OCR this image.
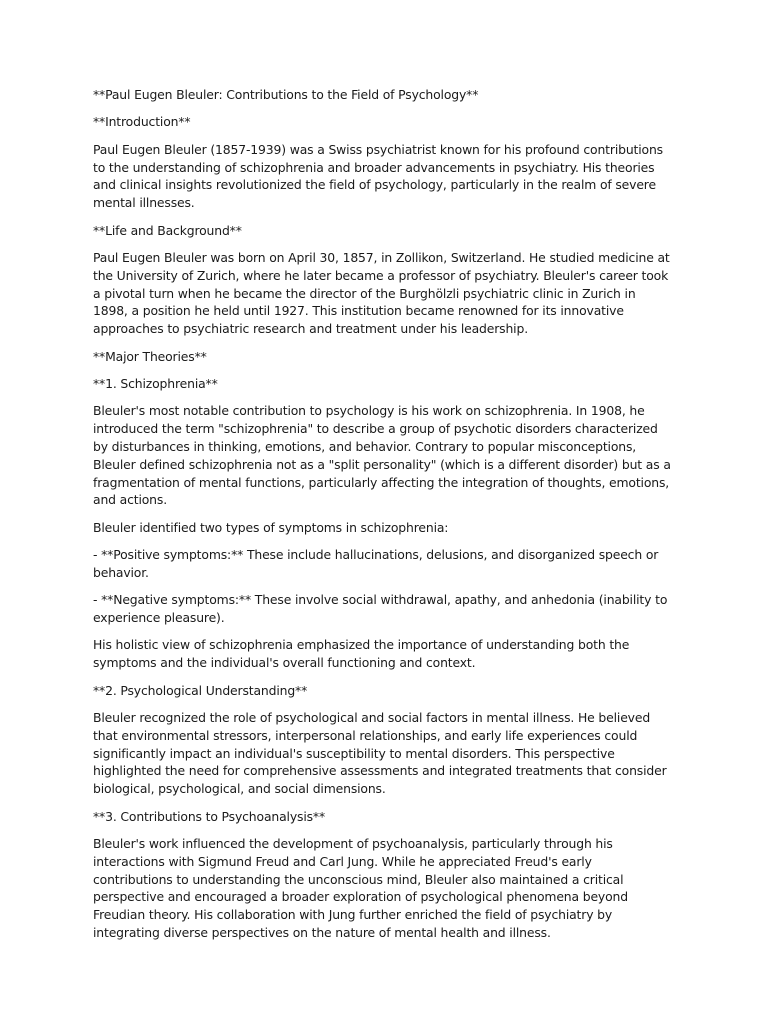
**Paul Eugen Bleuler: Contributions to the Field of Psychology**

**Introduction**

Paul Eugen Bleuler (1857-1939) was a Swiss psychiatrist known for his profound contributions to the understanding of schizophrenia and broader advancements in psychiatry. His theories and clinical insights revolutionized the field of psychology, particularly in the realm of severe mental illnesses.

**Life and Background**

Paul Eugen Bleuler was born on April 30, 1857, in Zollikon, Switzerland. He studied medicine at the University of Zurich, where he later became a professor of psychiatry. Bleuler's career took a pivotal turn when he became the director of the Burghölzli psychiatric clinic in Zurich in 1898, a position he held until 1927. This institution became renowned for its innovative approaches to psychiatric research and treatment under his leadership.

**Major Theories**

**1. Schizophrenia**

Bleuler's most notable contribution to psychology is his work on schizophrenia. In 1908, he introduced the term "schizophrenia" to describe a group of psychotic disorders characterized by disturbances in thinking, emotions, and behavior. Contrary to popular misconceptions, Bleuler defined schizophrenia not as a "split personality" (which is a different disorder) but as a fragmentation of mental functions, particularly affecting the integration of thoughts, emotions, and actions.

Bleuler identified two types of symptoms in schizophrenia:

- **Positive symptoms:** These include hallucinations, delusions, and disorganized speech or behavior.

- **Negative symptoms:** These involve social withdrawal, apathy, and anhedonia (inability to experience pleasure).

His holistic view of schizophrenia emphasized the importance of understanding both the symptoms and the individual's overall functioning and context.

**2. Psychological Understanding**

Bleuler recognized the role of psychological and social factors in mental illness. He believed that environmental stressors, interpersonal relationships, and early life experiences could significantly impact an individual's susceptibility to mental disorders. This perspective highlighted the need for comprehensive assessments and integrated treatments that consider biological, psychological, and social dimensions.

**3. Contributions to Psychoanalysis**

Bleuler's work influenced the development of psychoanalysis, particularly through his interactions with Sigmund Freud and Carl Jung. While he appreciated Freud's early contributions to understanding the unconscious mind, Bleuler also maintained a critical perspective and encouraged a broader exploration of psychological phenomena beyond Freudian theory. His collaboration with Jung further enriched the field of psychiatry by integrating diverse perspectives on the nature of mental health and illness.
